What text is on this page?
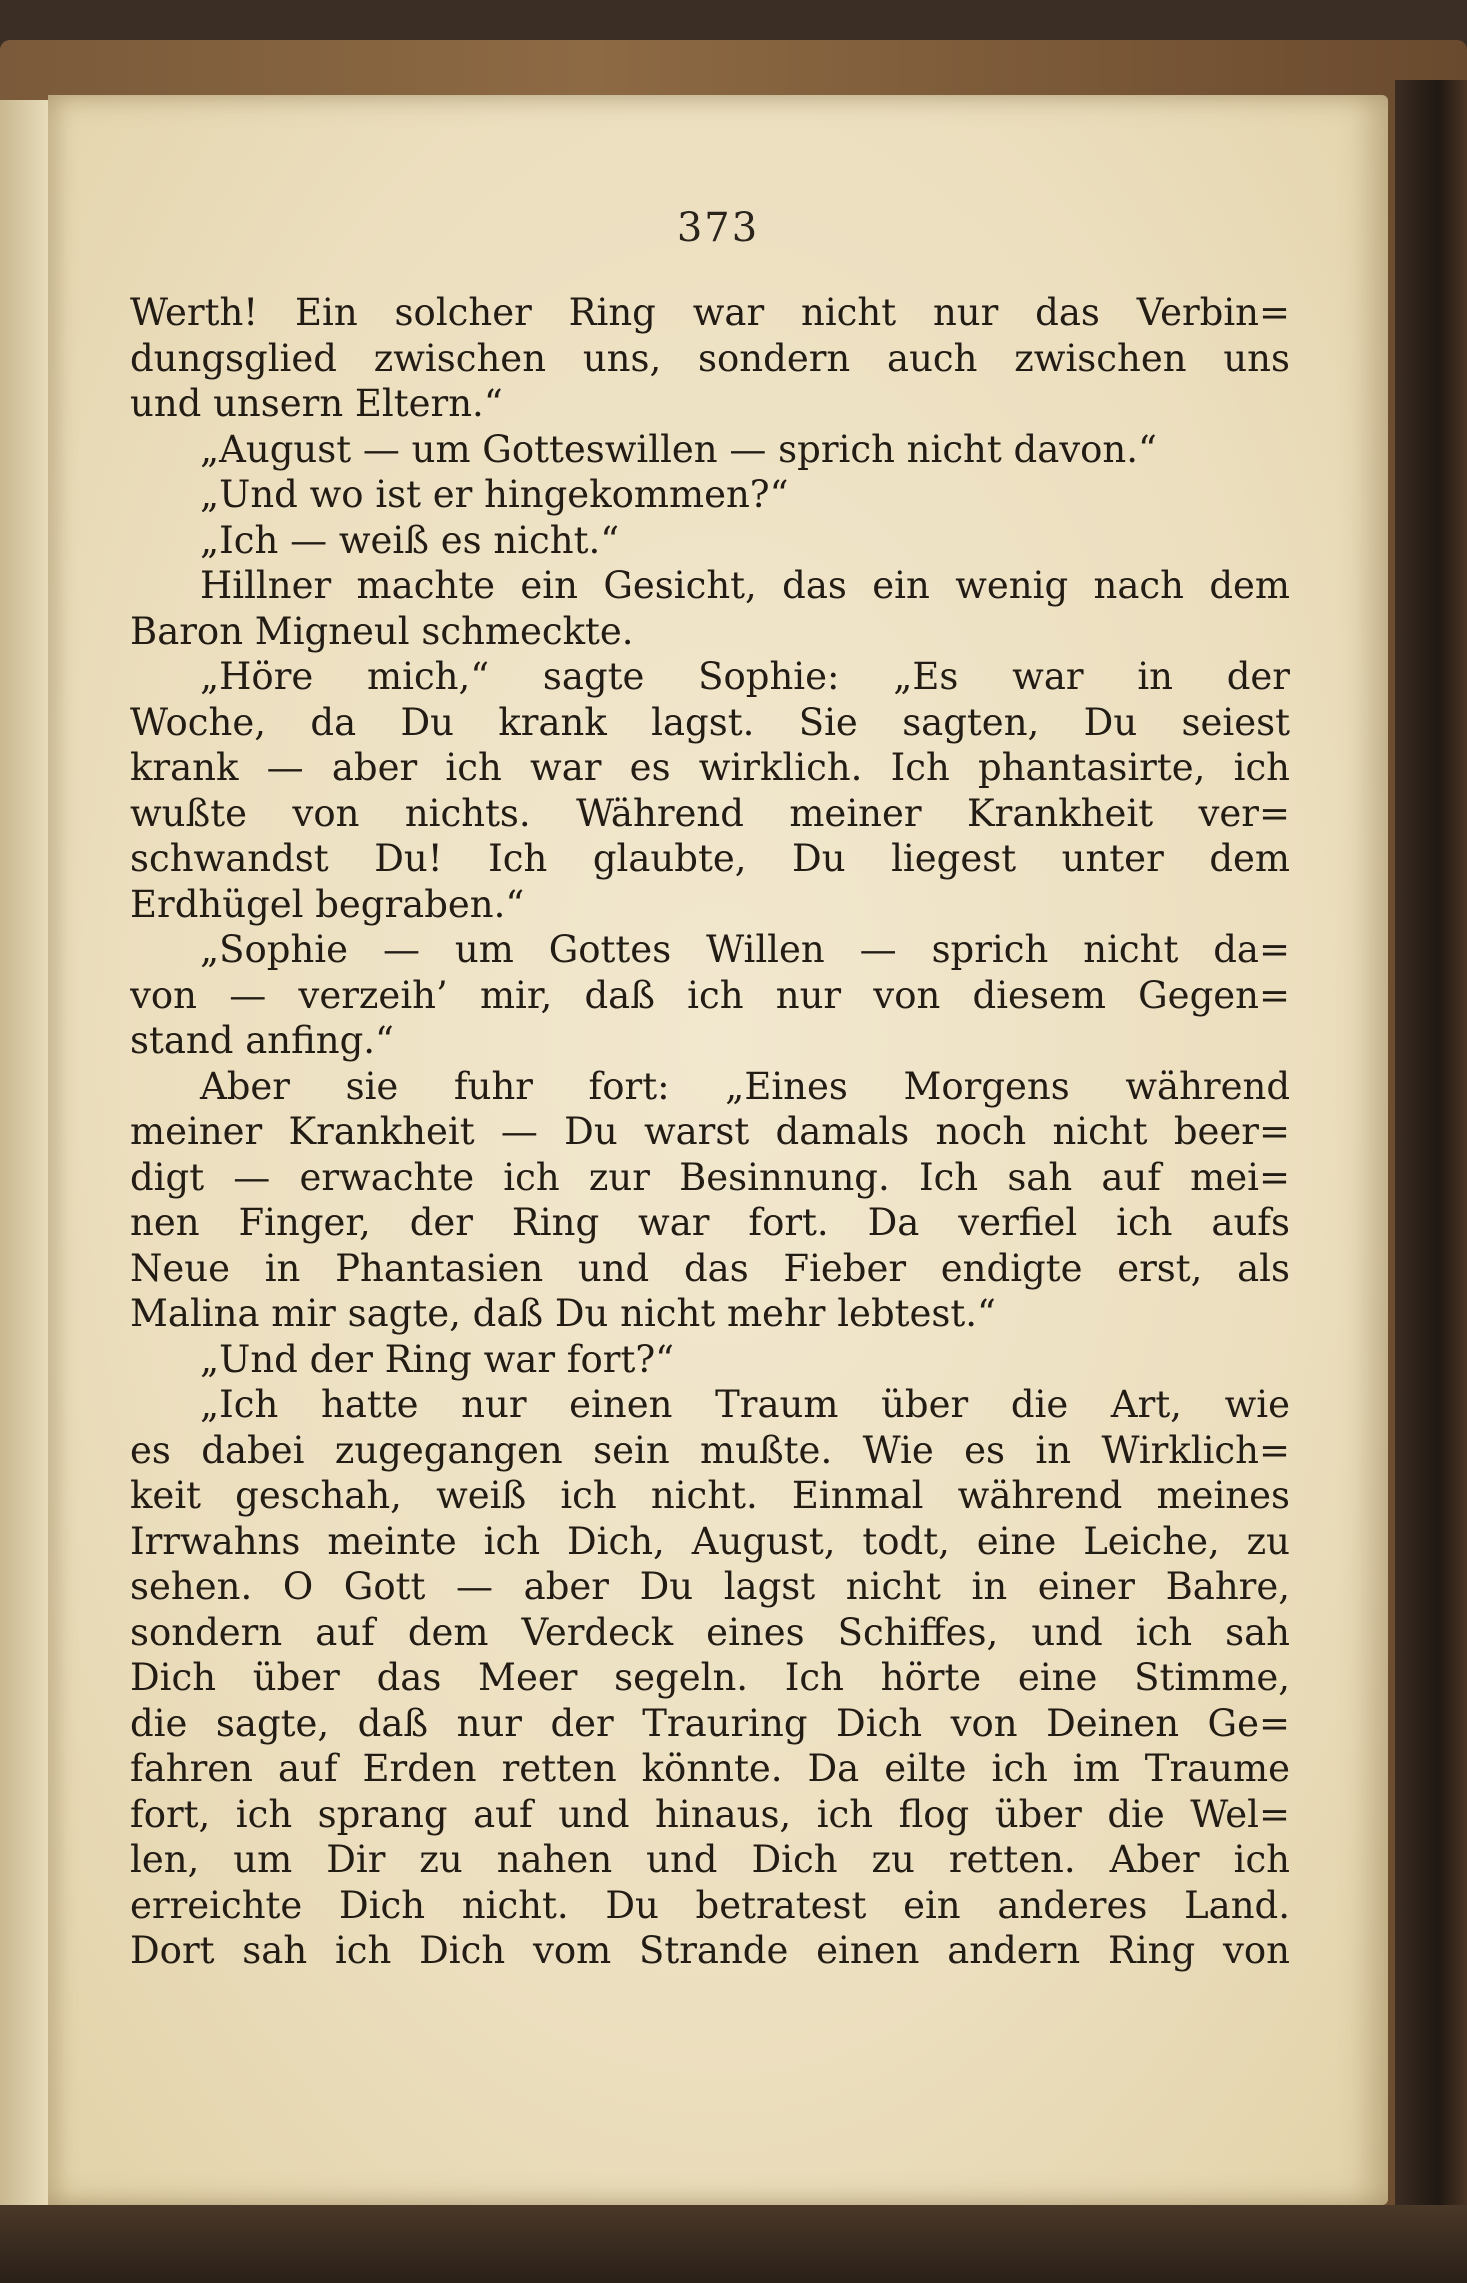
373
Werth! Ein solcher Ring war nicht nur das Verbin=
dungsglied zwischen uns, sondern auch zwischen uns
und unsern Eltern.“
„August — um Gotteswillen — sprich nicht davon.“
„Und wo ist er hingekommen?“
„Ich — weiß es nicht.“
Hillner machte ein Gesicht, das ein wenig nach dem
Baron Migneul schmeckte.
„Höre mich,“ sagte Sophie: „Es war in der
Woche, da Du krank lagst. Sie sagten, Du seiest
krank — aber ich war es wirklich. Ich phantasirte, ich
wußte von nichts. Während meiner Krankheit ver=
schwandst Du! Ich glaubte, Du liegest unter dem
Erdhügel begraben.“
„Sophie — um Gottes Willen — sprich nicht da=
von — verzeih’ mir, daß ich nur von diesem Gegen=
stand anfing.“
Aber sie fuhr fort: „Eines Morgens während
meiner Krankheit — Du warst damals noch nicht beer=
digt — erwachte ich zur Besinnung. Ich sah auf mei=
nen Finger, der Ring war fort. Da verfiel ich aufs
Neue in Phantasien und das Fieber endigte erst, als
Malina mir sagte, daß Du nicht mehr lebtest.“
„Und der Ring war fort?“
„Ich hatte nur einen Traum über die Art, wie
es dabei zugegangen sein mußte. Wie es in Wirklich=
keit geschah, weiß ich nicht. Einmal während meines
Irrwahns meinte ich Dich, August, todt, eine Leiche, zu
sehen. O Gott — aber Du lagst nicht in einer Bahre,
sondern auf dem Verdeck eines Schiffes, und ich sah
Dich über das Meer segeln. Ich hörte eine Stimme,
die sagte, daß nur der Trauring Dich von Deinen Ge=
fahren auf Erden retten könnte. Da eilte ich im Traume
fort, ich sprang auf und hinaus, ich flog über die Wel=
len, um Dir zu nahen und Dich zu retten. Aber ich
erreichte Dich nicht. Du betratest ein anderes Land.
Dort sah ich Dich vom Strande einen andern Ring von
